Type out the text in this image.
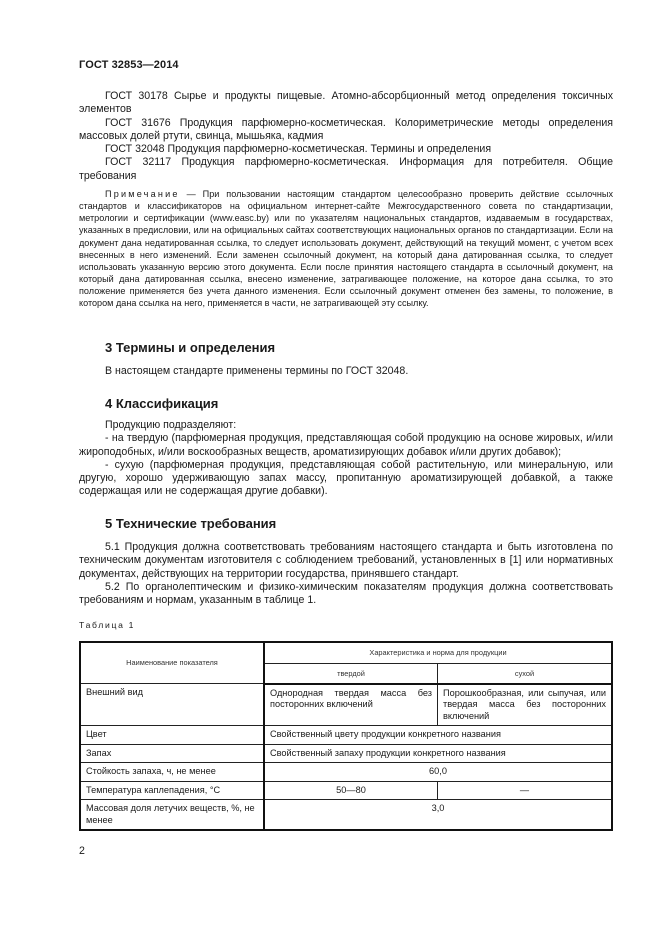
ГОСТ 32853—2014

ГОСТ 30178 Сырье и продукты пищевые. Атомно-абсорбционный метод определения токсичных элементов

ГОСТ 31676 Продукция парфюмерно-косметическая. Колориметрические методы определения массовых долей ртути, свинца, мышьяка, кадмия

ГОСТ 32048 Продукция парфюмерно-косметическая. Термины и определения

ГОСТ 32117 Продукция парфюмерно-косметическая. Информация для потребителя. Общие требования

Примечание — При пользовании настоящим стандартом целесообразно проверить действие ссылочных стандартов и классификаторов на официальном интернет-сайте Межгосударственного совета по стандартизации, метрологии и сертификации (www.easc.by) или по указателям национальных стандартов, издаваемым в государствах, указанных в предисловии, или на официальных сайтах соответствующих национальных органов по стандартизации. Если на документ дана недатированная ссылка, то следует использовать документ, действующий на текущий момент, с учетом всех внесенных в него изменений. Если заменен ссылочный документ, на который дана датированная ссылка, то следует использовать указанную версию этого документа. Если после принятия настоящего стандарта в ссылочный документ, на который дана датированная ссылка, внесено изменение, затрагивающее положение, на которое дана ссылка, то это положение применяется без учета данного изменения. Если ссылочный документ отменен без замены, то положение, в котором дана ссылка на него, применяется в части, не затрагивающей эту ссылку.

3 Термины и определения

В настоящем стандарте применены термины по ГОСТ 32048.

4 Классификация

Продукцию подразделяют:

- на твердую (парфюмерная продукция, представляющая собой продукцию на основе жировых, и/или жироподобных, и/или воскообразных веществ, ароматизирующих добавок и/или других добавок);

- сухую (парфюмерная продукция, представляющая собой растительную, или минеральную, или другую, хорошо удерживающую запах массу, пропитанную ароматизирующей добавкой, а также содержащая или не содержащая другие добавки).

5 Технические требования

5.1 Продукция должна соответствовать требованиям настоящего стандарта и быть изготовлена по техническим документам изготовителя с соблюдением требований, установленных в [1] или нормативных документах, действующих на территории государства, принявшего стандарт.

5.2 По органолептическим и физико-химическим показателям продукция должна соответствовать требованиям и нормам, указанным в таблице 1.

Таблица 1
Наименование показателя	Характеристика и норма для продукции	
	твердой	сухой
Внешний вид	Однородная твердая масса без посторонних включений	Порошкообразная, или сыпучая, или твердая масса без посторонних включений
Цвет	Свойственный цвету продукции конкретного названия	
Запах	Свойственный запаху продукции конкретного названия	
Стойкость запаха, ч, не менее	60,0	
Температура каплепадения, °С	50—80	—
Массовая доля летучих веществ, %, не менее	3,0	
2
